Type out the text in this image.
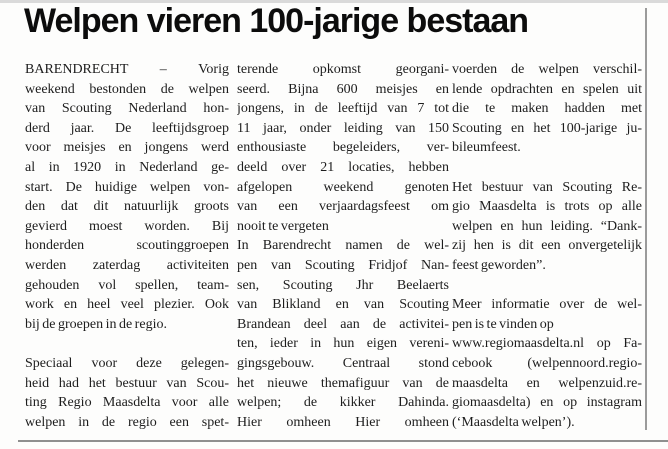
Welpen vieren 100-jarige bestaan
BARENDRECHT – Vorig
weekend bestonden de welpen
van Scouting Nederland hon-
derd jaar. De leeftijdsgroep
voor meisjes en jongens werd
al in 1920 in Nederland ge-
start. De huidige welpen von-
den dat dit natuurlijk groots
gevierd moest worden. Bij
honderden scoutinggroepen
werden zaterdag activiteiten
gehouden vol spellen, team-
work en heel veel plezier. Ook
bij de groepen in de regio.
Speciaal voor deze gelegen-
heid had het bestuur van Scou-
ting Regio Maasdelta voor alle
welpen in de regio een spet-
terende opkomst georgani-
seerd. Bijna 600 meisjes en
jongens, in de leeftijd van 7 tot
11 jaar, onder leiding van 150
enthousiaste begeleiders, ver-
deeld over 21 locaties, hebben
afgelopen weekend genoten
van een verjaardagsfeest om
nooit te vergeten
In Barendrecht namen de wel-
pen van Scouting Fridjof Nan-
sen, Scouting Jhr Beelaerts
van Blikland en van Scouting
Brandean deel aan de activitei-
ten, ieder in hun eigen vereni-
gingsgebouw. Centraal stond
het nieuwe themafiguur van de
welpen; de kikker Dahinda.
Hier omheen Hier omheen
voerden de welpen verschil-
lende opdrachten en spelen uit
die te maken hadden met
Scouting en het 100-jarige ju-
bileumfeest.
Het bestuur van Scouting Re-
gio Maasdelta is trots op alle
welpen en hun leiding. “Dank-
zij hen is dit een onvergetelijk
feest geworden”.
Meer informatie over de wel-
pen is te vinden op
www.regiomaasdelta.nl op Fa-
cebook (welpennoord.regio-
maasdelta en welpenzuid.re-
giomaasdelta) en op instagram
(‘Maasdelta welpen’).
